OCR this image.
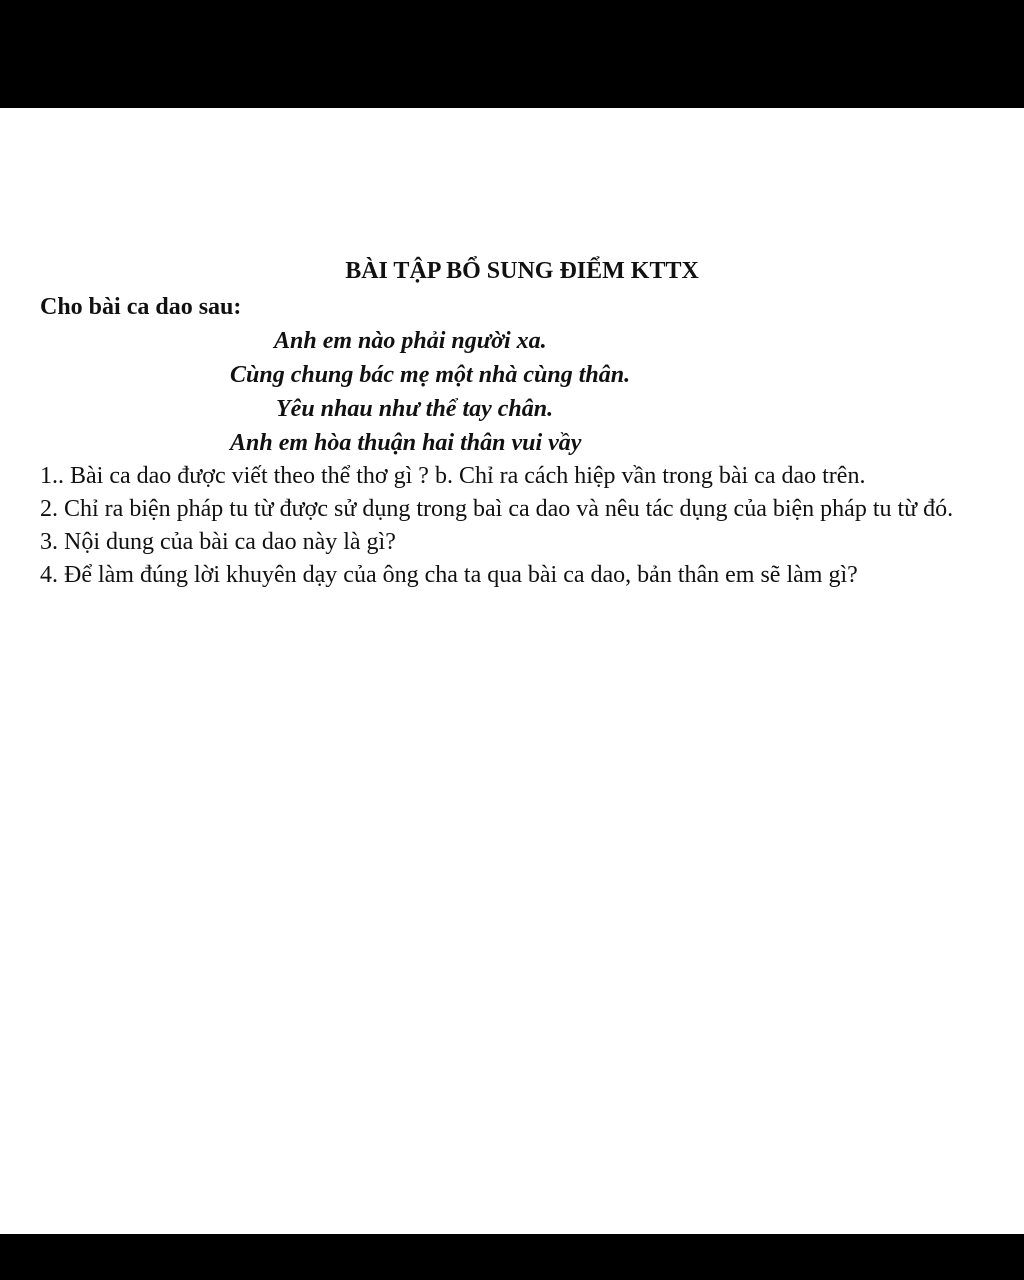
BÀI TẬP BỔ SUNG ĐIỂM KTTX

Cho bài ca dao sau:

Anh em nào phải người xa.
Cùng chung bác mẹ một nhà cùng thân.
Yêu nhau như thể tay chân.
Anh em hòa thuận hai thân vui vầy

1.. Bài ca dao được viết theo thể thơ gì ? b. Chỉ ra cách hiệp vần trong bài ca dao trên.

2. Chỉ ra biện pháp tu từ được sử dụng trong baì ca dao và nêu tác dụng của biện pháp tu từ đó.

3. Nội dung của bài ca dao này là gì?

4. Để làm đúng lời khuyên dạy của ông cha ta qua bài ca dao, bản thân em sẽ làm gì?
